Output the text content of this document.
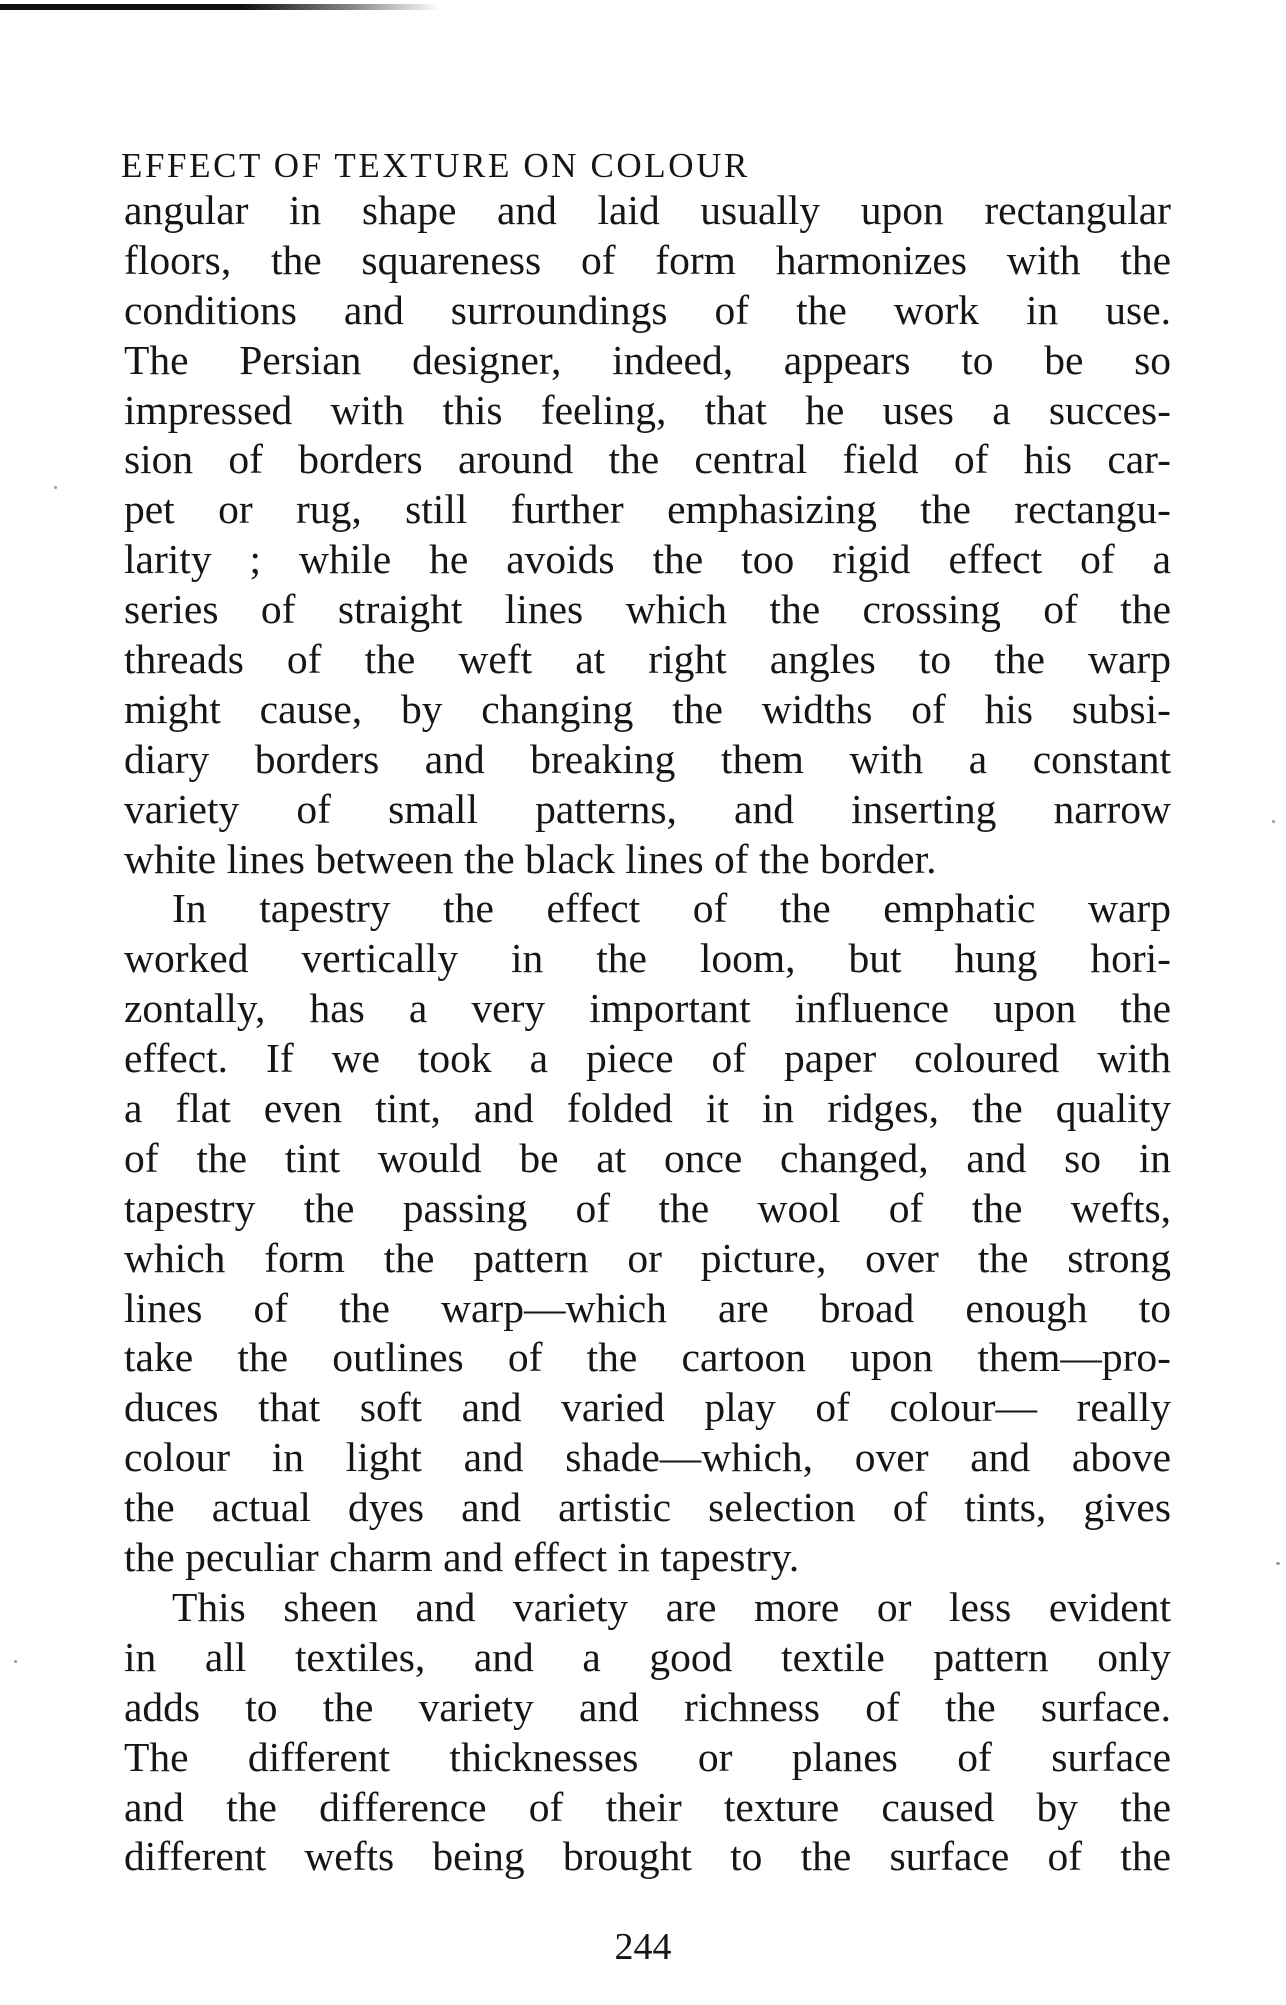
EFFECT OF TEXTURE ON COLOUR
angular in shape and laid usually upon rectangular
floors, the squareness of form harmonizes with the
conditions and surroundings of the work in use.
The Persian designer, indeed, appears to be so
impressed with this feeling, that he uses a succes-
sion of borders around the central field of his car-
pet or rug, still further emphasizing the rectangu-
larity ; while he avoids the too rigid effect of a
series of straight lines which the crossing of the
threads of the weft at right angles to the warp
might cause, by changing the widths of his subsi-
diary borders and breaking them with a constant
variety of small patterns, and inserting narrow
white lines between the black lines of the border.
In tapestry the effect of the emphatic warp
worked vertically in the loom, but hung hori-
zontally, has a very important influence upon the
effect. If we took a piece of paper coloured with
a flat even tint, and folded it in ridges, the quality
of the tint would be at once changed, and so in
tapestry the passing of the wool of the wefts,
which form the pattern or picture, over the strong
lines of the warp—which are broad enough to
take the outlines of the cartoon upon them—pro-
duces that soft and varied play of colour— really
colour in light and shade—which, over and above
the actual dyes and artistic selection of tints, gives
the peculiar charm and effect in tapestry.
This sheen and variety are more or less evident
in all textiles, and a good textile pattern only
adds to the variety and richness of the surface.
The different thicknesses or planes of surface
and the difference of their texture caused by the
different wefts being brought to the surface of the
244
